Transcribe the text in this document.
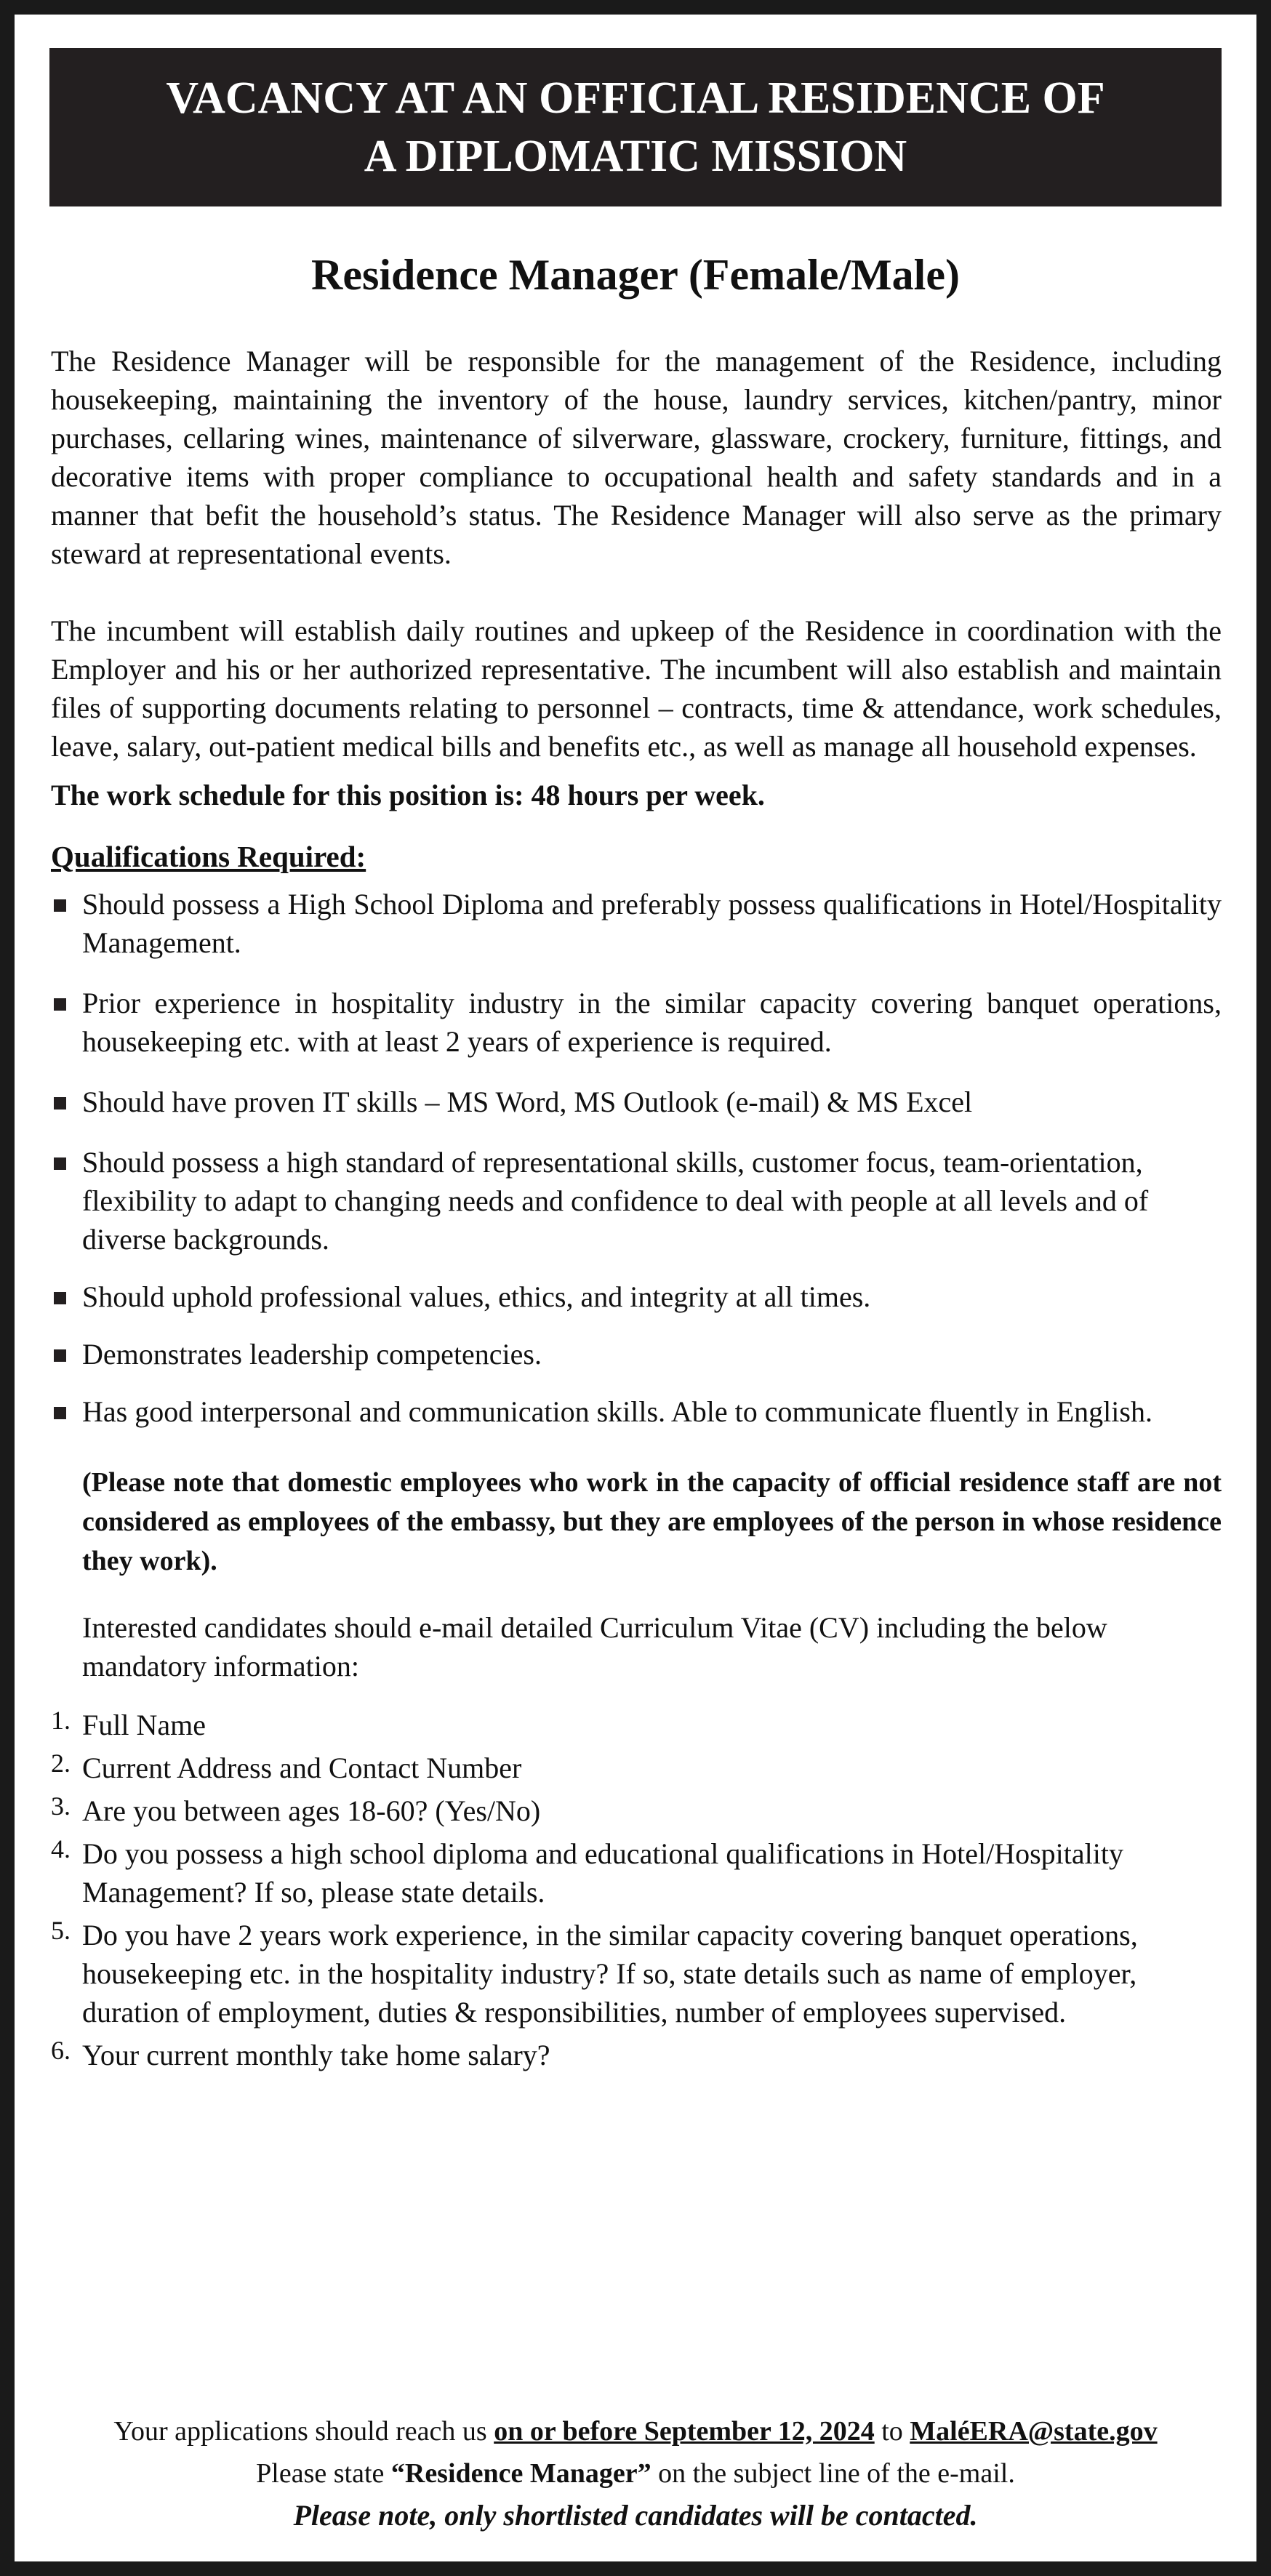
VACANCY AT AN OFFICIAL RESIDENCE OF
A DIPLOMATIC MISSION
Residence Manager (Female/Male)

The Residence Manager will be responsible for the management of the Residence, including housekeeping, maintaining the inventory of the house, laundry services, kitchen/pantry, minor purchases, cellaring wines, maintenance of silverware, glassware, crockery, furniture, fittings, and decorative items with proper compliance to occupational health and safety standards and in a manner that befit the household’s status. The Residence Manager will also serve as the primary steward at representational events.

The incumbent will establish daily routines and upkeep of the Residence in coordination with the Employer and his or her authorized representative. The incumbent will also establish and maintain files of supporting documents relating to personnel – contracts, time & attendance, work schedules, leave, salary, out-patient medical bills and benefits etc., as well as manage all household expenses.

The work schedule for this position is: 48 hours per week.

Qualifications Required:

Should possess a High School Diploma and preferably possess qualifications in Hotel/Hospitality Management.
Prior experience in hospitality industry in the similar capacity covering banquet operations, housekeeping etc. with at least 2 years of experience is required.
Should have proven IT skills – MS Word, MS Outlook (e-mail) & MS Excel
Should possess a high standard of representational skills, customer focus, team-orientation, flexibility to adapt to changing needs and confidence to deal with people at all levels and of diverse backgrounds.
Should uphold professional values, ethics, and integrity at all times.
Demonstrates leadership competencies.
Has good interpersonal and communication skills. Able to communicate fluently in English.

(Please note that domestic employees who work in the capacity of official residence staff are not considered as employees of the embassy, but they are employees of the person in whose residence they work).

Interested candidates should e-mail detailed Curriculum Vitae (CV) including the below mandatory information:

1. Full Name
2. Current Address and Contact Number
3. Are you between ages 18-60? (Yes/No)
4. Do you possess a high school diploma and educational qualifications in Hotel/Hospitality Management? If so, please state details.
5. Do you have 2 years work experience, in the similar capacity covering banquet operations, housekeeping etc. in the hospitality industry? If so, state details such as name of employer, duration of employment, duties & responsibilities, number of employees supervised.
6. Your current monthly take home salary?
Your applications should reach us on or before September 12, 2024 to MaléERA@state.gov
Please state “Residence Manager” on the subject line of the e-mail.
Please note, only shortlisted candidates will be contacted.
